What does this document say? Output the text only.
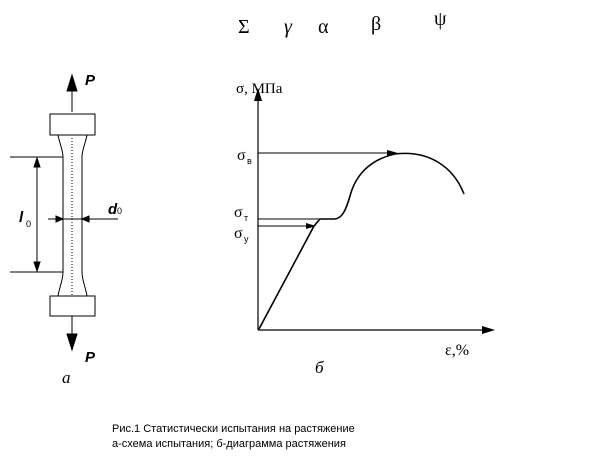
Σ γ α β	ψ
P
P
l 0
d 0
а
σ, МПа
ε,%
σ в
σ т
σ у
б
Рис.1 Статистически испытания на растяжение
а-схема испытания; б-диаграмма растяжения
